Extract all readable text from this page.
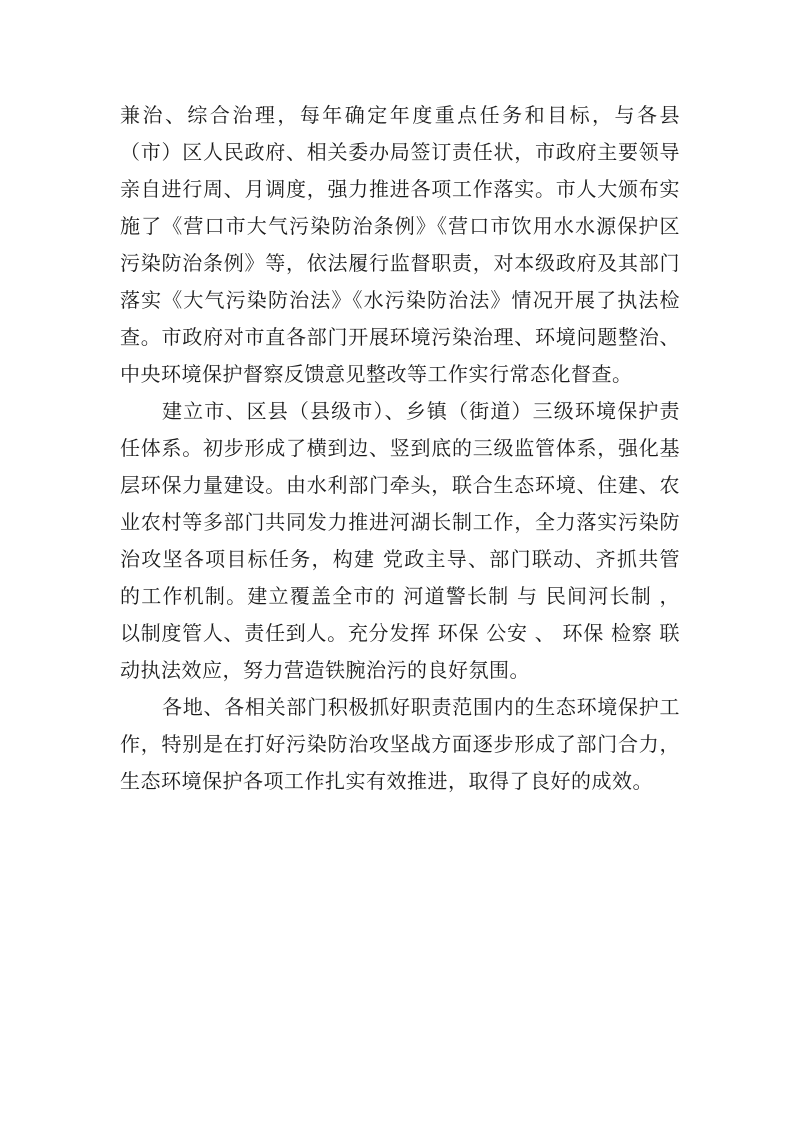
兼治、综合治理，每年确定年度重点任务和目标，与各县（市）区人民政府、相关委办局签订责任状，市政府主要领导亲自进行周、月调度，强力推进各项工作落实。市人大颁布实施了《营口市大气污染防治条例》《营口市饮用水水源保护区污染防治条例》等，依法履行监督职责，对本级政府及其部门落实《大气污染防治法》《水污染防治法》情况开展了执法检查。市政府对市直各部门开展环境污染治理、环境问题整治、中央环境保护督察反馈意见整改等工作实行常态化督查。

建立市、区县（县级市）、乡镇（街道）三级环境保护责任体系。初步形成了横到边、竖到底的三级监管体系，强化基层环保力量建设。由水利部门牵头，联合生态环境、住建、农业农村等多部门共同发力推进河湖长制工作，全力落实污染防治攻坚各项目标任务，构建 党政主导、部门联动、齐抓共管 的工作机制。建立覆盖全市的 河道警长制 与 民间河长制 ，以制度管人、责任到人。充分发挥 环保 公安 、 环保 检察 联动执法效应，努力营造铁腕治污的良好氛围。

各地、各相关部门积极抓好职责范围内的生态环境保护工作，特别是在打好污染防治攻坚战方面逐步形成了部门合力，生态环境保护各项工作扎实有效推进，取得了良好的成效。
